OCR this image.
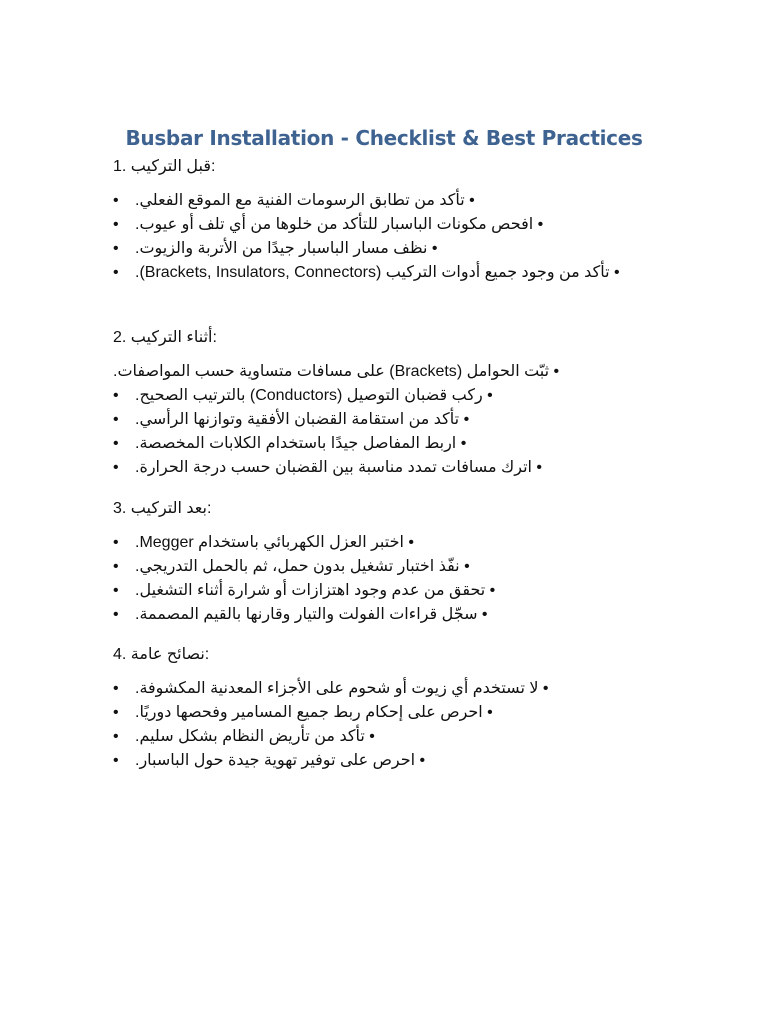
Busbar Installation - Checklist & Best Practices
1. قبل التركيب:
• • تأكد من تطابق الرسومات الفنية مع الموقع الفعلي.
• • افحص مكونات الباسبار للتأكد من خلوها من أي تلف أو عيوب.
• • نظف مسار الباسبار جيدًا من الأتربة والزيوت.
• • تأكد من وجود جميع أدوات التركيب (Brackets, Insulators, Connectors).
2. أثناء التركيب:
• ثبّت الحوامل (Brackets) على مسافات متساوية حسب المواصفات.
• • ركب قضبان التوصيل (Conductors) بالترتيب الصحيح.
• • تأكد من استقامة القضبان الأفقية وتوازنها الرأسي.
• • اربط المفاصل جيدًا باستخدام الكلابات المخصصة.
• • اترك مسافات تمدد مناسبة بين القضبان حسب درجة الحرارة.
3. بعد التركيب:
• • اختبر العزل الكهربائي باستخدام Megger.
• • نفّذ اختبار تشغيل بدون حمل، ثم بالحمل التدريجي.
• • تحقق من عدم وجود اهتزازات أو شرارة أثناء التشغيل.
• • سجّل قراءات الفولت والتيار وقارنها بالقيم المصممة.
4. نصائح عامة:
• • لا تستخدم أي زيوت أو شحوم على الأجزاء المعدنية المكشوفة.
• • احرص على إحكام ربط جميع المسامير وفحصها دوريًا.
• • تأكد من تأريض النظام بشكل سليم.
• • احرص على توفير تهوية جيدة حول الباسبار.
